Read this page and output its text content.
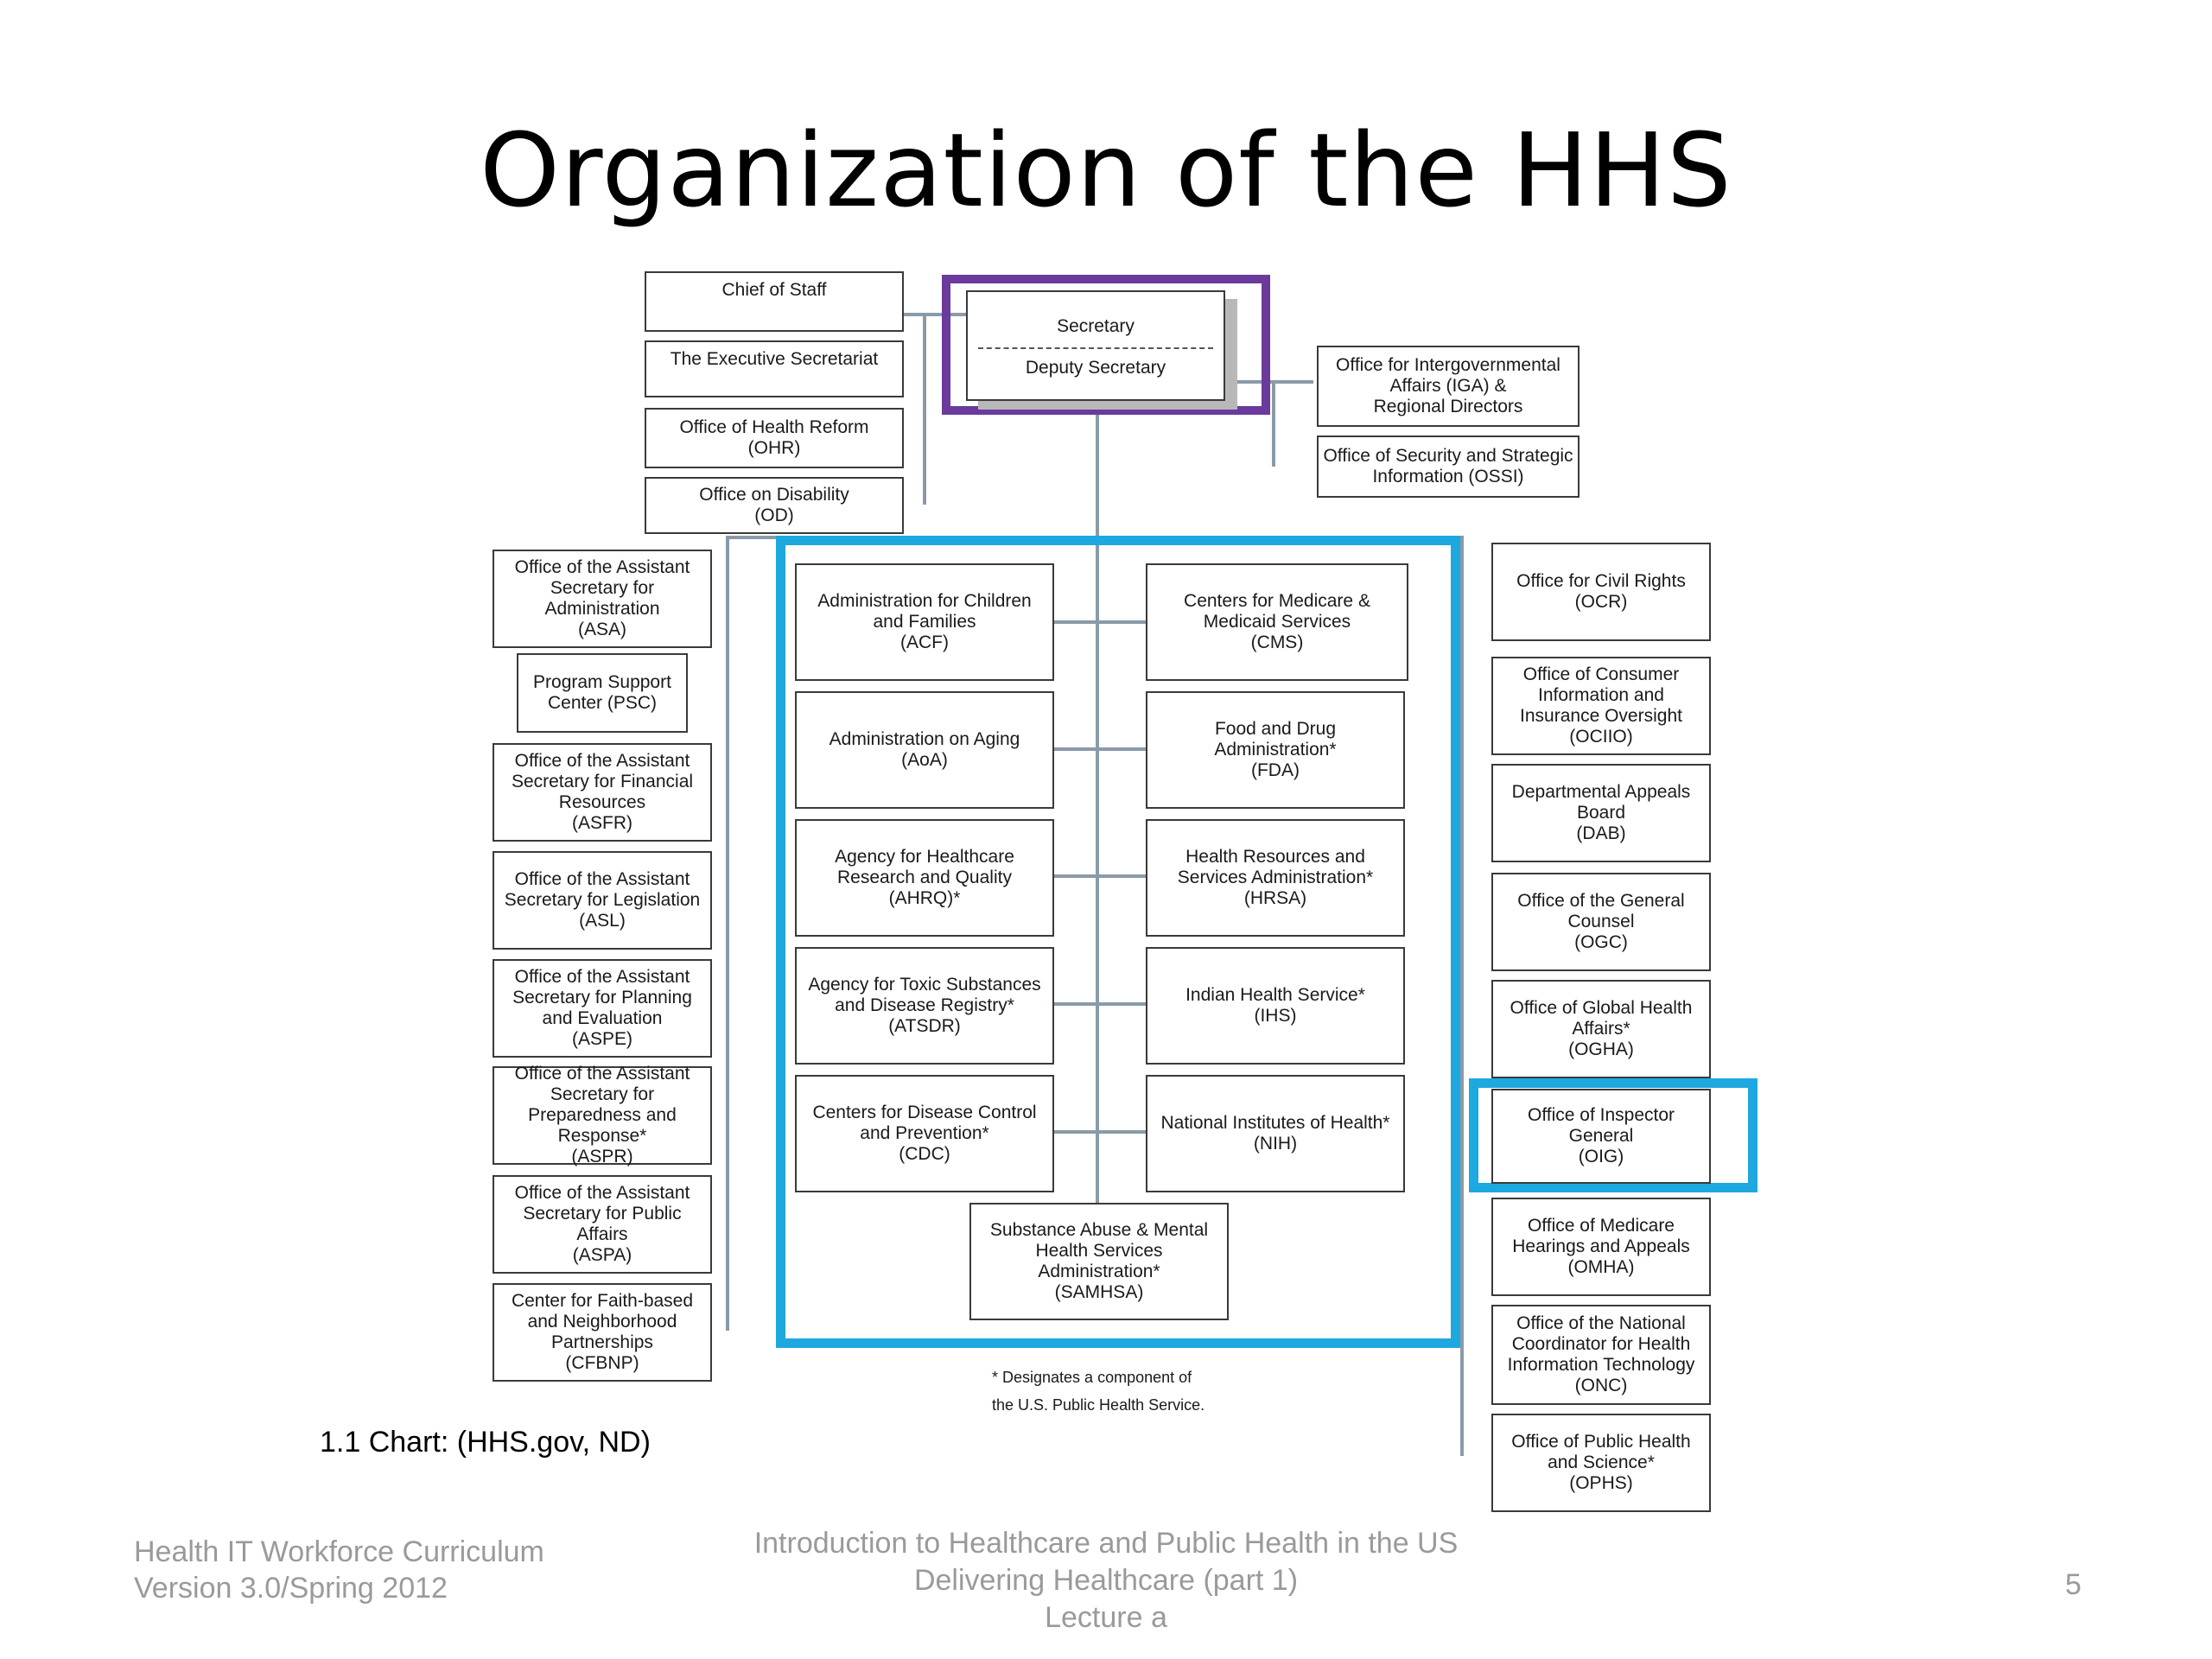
Organization of the HHS
Secretary
Deputy Secretary
Chief of Staff
The Executive Secretariat
Office of Health Reform
(OHR)
Office on Disability
(OD)
Office for Intergovernmental
Affairs (IGA) &
Regional Directors
Office of Security and Strategic
Information (OSSI)
Office of the Assistant
Secretary for
Administration
(ASA)
Program Support
Center (PSC)
Office of the Assistant
Secretary for Financial
Resources
(ASFR)
Office of the Assistant
Secretary for Legislation
(ASL)
Office of the Assistant
Secretary for Planning
and Evaluation
(ASPE)
Office of the Assistant
Secretary for
Preparedness and
Response*
(ASPR)
Office of the Assistant
Secretary for Public
Affairs
(ASPA)
Center for Faith-based
and Neighborhood
Partnerships
(CFBNP)
Administration for Children
and Families
(ACF)
Administration on Aging
(AoA)
Agency for Healthcare
Research and Quality
(AHRQ)*
Agency for Toxic Substances
and Disease Registry*
(ATSDR)
Centers for Disease Control
and Prevention*
(CDC)
Centers for Medicare &
Medicaid Services
(CMS)
Food and Drug
Administration*
(FDA)
Health Resources and
Services Administration*
(HRSA)
Indian Health Service*
(IHS)
National Institutes of Health*
(NIH)
Substance Abuse & Mental
Health Services
Administration*
(SAMHSA)
Office for Civil Rights
(OCR)
Office of Consumer
Information and
Insurance Oversight
(OCIIO)
Departmental Appeals
Board
(DAB)
Office of the General
Counsel
(OGC)
Office of Global Health
Affairs*
(OGHA)
Office of Inspector
General
(OIG)
Office of Medicare
Hearings and Appeals
(OMHA)
Office of the National
Coordinator for Health
Information Technology
(ONC)
Office of Public Health
and Science*
(OPHS)
* Designates a component of
the U.S. Public Health Service.
1.1 Chart: (HHS.gov, ND)
Health IT Workforce Curriculum
Version 3.0/Spring 2012
Introduction to Healthcare and Public Health in the US
Delivering Healthcare (part 1)
Lecture a
5
